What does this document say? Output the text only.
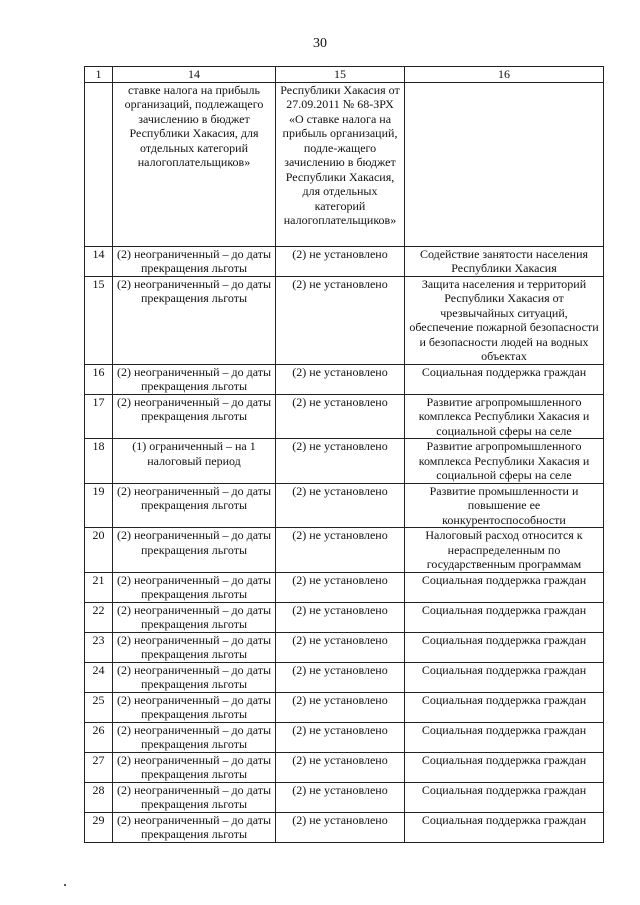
30
1	14	15	16
	ставке налога на прибыль организаций, подлежащего зачислению в бюджет Республики Хакасия, для отдельных категорий налогоплательщиков»	Республики Хакасия от 27.09.2011 № 68-ЗРХ «О ставке налога на прибыль организаций, подле-жащего зачислению в бюджет Республики Хакасия, для отдельных категорий налогоплательщиков»	
14	(2) неограниченный – до даты прекращения льготы	(2) не установлено	Содействие занятости населения Республики Хакасия
15	(2) неограниченный – до даты прекращения льготы	(2) не установлено	Защита населения и территорий Республики Хакасия от чрезвычайных ситуаций, обеспечение пожарной безопасности и безопасности людей на водных объектах
16	(2) неограниченный – до даты прекращения льготы	(2) не установлено	Социальная поддержка граждан
17	(2) неограниченный – до даты прекращения льготы	(2) не установлено	Развитие агропромышленного комплекса Республики Хакасия и социальной сферы на селе
18	(1) ограниченный – на 1 налоговый период	(2) не установлено	Развитие агропромышленного комплекса Республики Хакасия и социальной сферы на селе
19	(2) неограниченный – до даты прекращения льготы	(2) не установлено	Развитие промышленности и повышение ее конкурентоспособности
20	(2) неограниченный – до даты прекращения льготы	(2) не установлено	Налоговый расход относится к нераспределенным по государственным программам
21	(2) неограниченный – до даты прекращения льготы	(2) не установлено	Социальная поддержка граждан
22	(2) неограниченный – до даты прекращения льготы	(2) не установлено	Социальная поддержка граждан
23	(2) неограниченный – до даты прекращения льготы	(2) не установлено	Социальная поддержка граждан
24	(2) неограниченный – до даты прекращения льготы	(2) не установлено	Социальная поддержка граждан
25	(2) неограниченный – до даты прекращения льготы	(2) не установлено	Социальная поддержка граждан
26	(2) неограниченный – до даты прекращения льготы	(2) не установлено	Социальная поддержка граждан
27	(2) неограниченный – до даты прекращения льготы	(2) не установлено	Социальная поддержка граждан
28	(2) неограниченный – до даты прекращения льготы	(2) не установлено	Социальная поддержка граждан
29	(2) неограниченный – до даты прекращения льготы	(2) не установлено	Социальная поддержка граждан
